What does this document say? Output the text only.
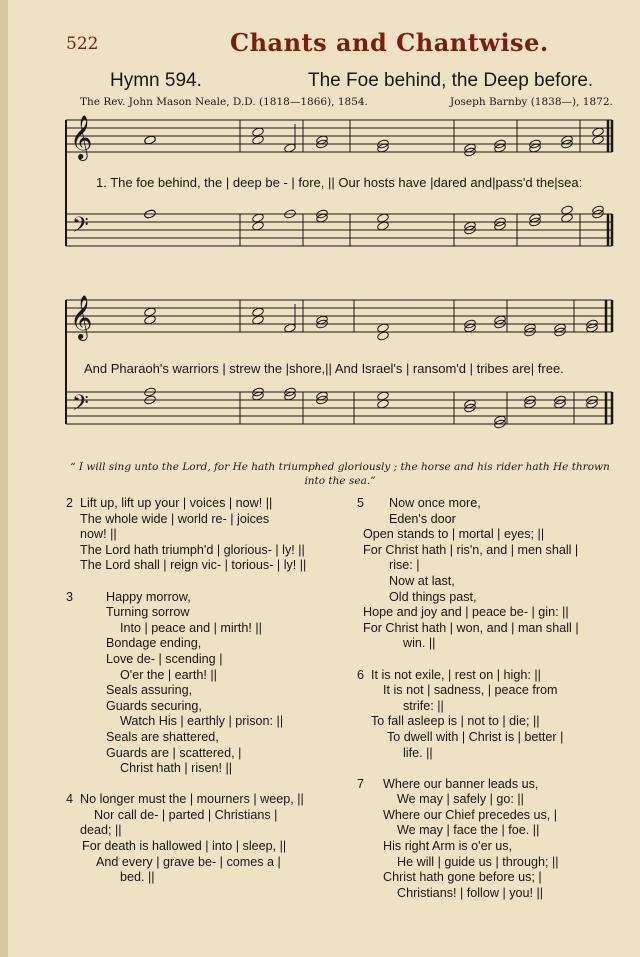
522	Chants and Chantwise.
Hymn 594.	The Foe behind, the Deep before.
The Rev. John Mason Neale, D.D. (1818—1866), 1854.	Joseph Barnby (1838—), 1872.
𝄞
𝄞
𝄢
𝄢
1. The foe behind, the | deep be - | fore, || Our hosts have |dared and|pass'd the|sea:
And Pharaoh's warriors | strew the |shore,|| And Israel's | ransom'd | tribes are| free.
“ I will sing unto the Lord, for He hath triumphed gloriously ; the horse and his rider hath He thrown into the sea.”
2 Lift up, lift up your | voices | now! ||
The whole wide | world re- | joices
now! ||
The Lord hath triumph'd | glorious- | ly! ||
The Lord shall | reign vic- | torious- | ly! ||
3	Happy morrow,
Turning sorrow
Into | peace and | mirth! ||
Bondage ending,
Love de- | scending |
O'er the | earth! ||
Seals assuring,
Guards securing,
Watch His | earthly | prison: ||
Seals are shattered,
Guards are | scattered, |
Christ hath | risen! ||
4 No longer must the | mourners | weep, ||
Nor call de- | parted | Christians |
dead; ||
For death is hallowed | into | sleep, ||
And every | grave be- | comes a |
bed. ||
5	Now once more,
Eden's door
Open stands to | mortal | eyes; ||
For Christ hath | ris'n, and | men shall |
rise: |
Now at last,
Old things past,
Hope and joy and | peace be- | gin: ||
For Christ hath | won, and | man shall |
win. ||
6 It is not exile, | rest on | high: ||
It is not | sadness, | peace from
strife: ||
To fall asleep is | not to | die; ||
To dwell with | Christ is | better |
life. ||
7	Where our banner leads us,
We may | safely | go: ||
Where our Chief precedes us, |
We may | face the | foe. ||
His right Arm is o'er us,
He will | guide us | through; ||
Christ hath gone before us; |
Christians! | follow | you! ||
